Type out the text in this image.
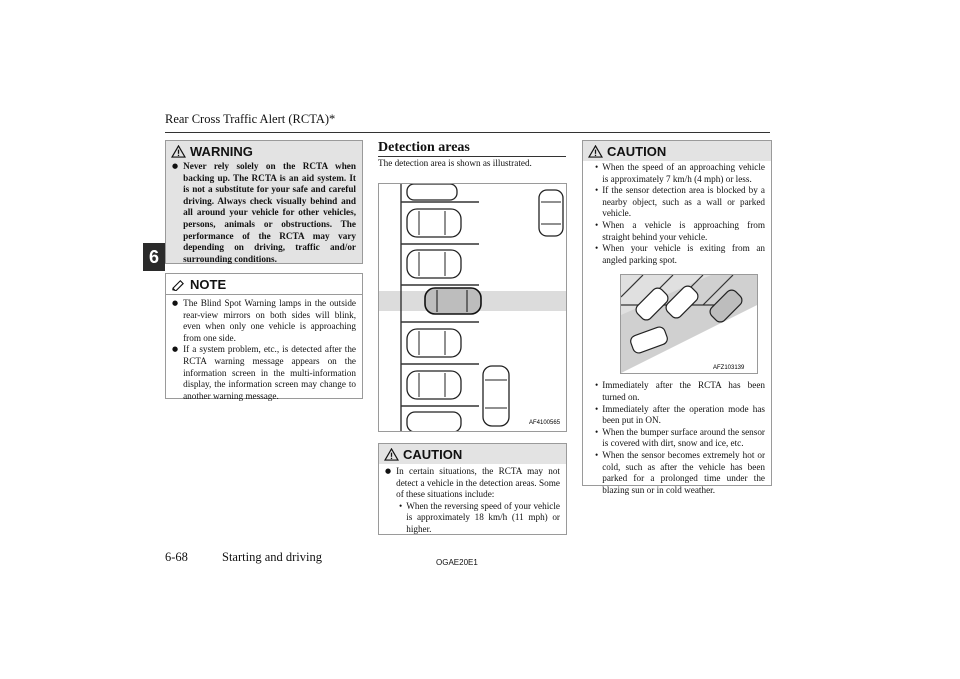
Rear Cross Traffic Alert (RCTA)*
6
WARNING
● Never rely solely on the RCTA when backing up. The RCTA is an aid system. It is not a substitute for your safe and careful driving. Always check visually behind and all around your vehicle for other vehicles, persons, animals or obstructions. The performance of the RCTA may vary depending on driving, traffic and/or surrounding conditions.
NOTE
● The Blind Spot Warning lamps in the outside rear-view mirrors on both sides will blink, even when only one vehicle is approaching from one side.
● If a system problem, etc., is detected after the RCTA warning message appears on the information screen in the multi-information display, the information screen may change to another warning message.
Detection areas
The detection area is shown as illustrated.
AF4100565
CAUTION
● In certain situations, the RCTA may not detect a vehicle in the detection areas. Some of these situations include:
• When the reversing speed of your vehicle is approximately 18 km/h (11 mph) or higher.
CAUTION
• When the speed of an approaching vehicle is approximately 7 km/h (4 mph) or less.
• If the sensor detection area is blocked by a nearby object, such as a wall or parked vehicle.
• When a vehicle is approaching from straight behind your vehicle.
• When your vehicle is exiting from an angled parking spot.
AFZ103139
• Immediately after the RCTA has been turned on.
• Immediately after the operation mode has been put in ON.
• When the bumper surface around the sensor is covered with dirt, snow and ice, etc.
• When the sensor becomes extremely hot or cold, such as after the vehicle has been parked for a prolonged time under the blazing sun or in cold weather.
6-68	Starting and driving	OGAE20E1
